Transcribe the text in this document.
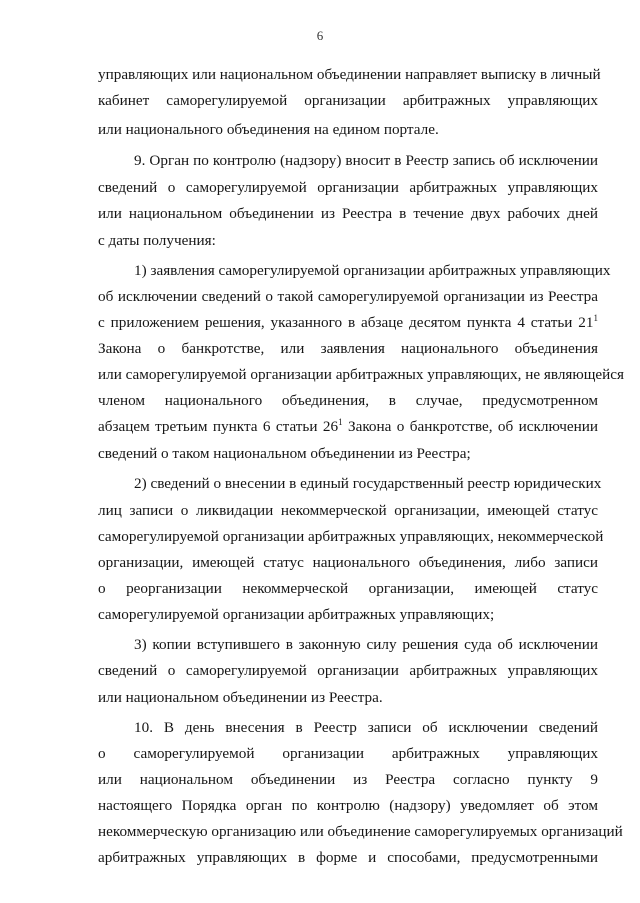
6
управляющих или национальном объединении направляет выписку в личный
кабинет саморегулируемой организации арбитражных управляющих
или национального объединения на едином портале.
9. Орган по контролю (надзору) вносит в Реестр запись об исключении
сведений о саморегулируемой организации арбитражных управляющих
или национальном объединении из Реестра в течение двух рабочих дней
с даты получения:
1) заявления саморегулируемой организации арбитражных управляющих
об исключении сведений о такой саморегулируемой организации из Реестра
с приложением решения, указанного в абзаце десятом пункта 4 статьи $21^1$
Закона о банкротстве, или заявления национального объединения
или саморегулируемой организации арбитражных управляющих, не являющейся
членом национального объединения, в случае, предусмотренном
абзацем третьим пункта 6 статьи $26^1$ Закона о банкротстве, об исключении
сведений о таком национальном объединении из Реестра;
2) сведений о внесении в единый государственный реестр юридических
лиц записи о ликвидации некоммерческой организации, имеющей статус
саморегулируемой организации арбитражных управляющих, некоммерческой
организации, имеющей статус национального объединения, либо записи
о реорганизации некоммерческой организации, имеющей статус
саморегулируемой организации арбитражных управляющих;
3) копии вступившего в законную силу решения суда об исключении
сведений о саморегулируемой организации арбитражных управляющих
или национальном объединении из Реестра.
10. В день внесения в Реестр записи об исключении сведений
о саморегулируемой организации арбитражных управляющих
или национальном объединении из Реестра согласно пункту 9
настоящего Порядка орган по контролю (надзору) уведомляет об этом
некоммерческую организацию или объединение саморегулируемых организаций
арбитражных управляющих в форме и способами, предусмотренными
